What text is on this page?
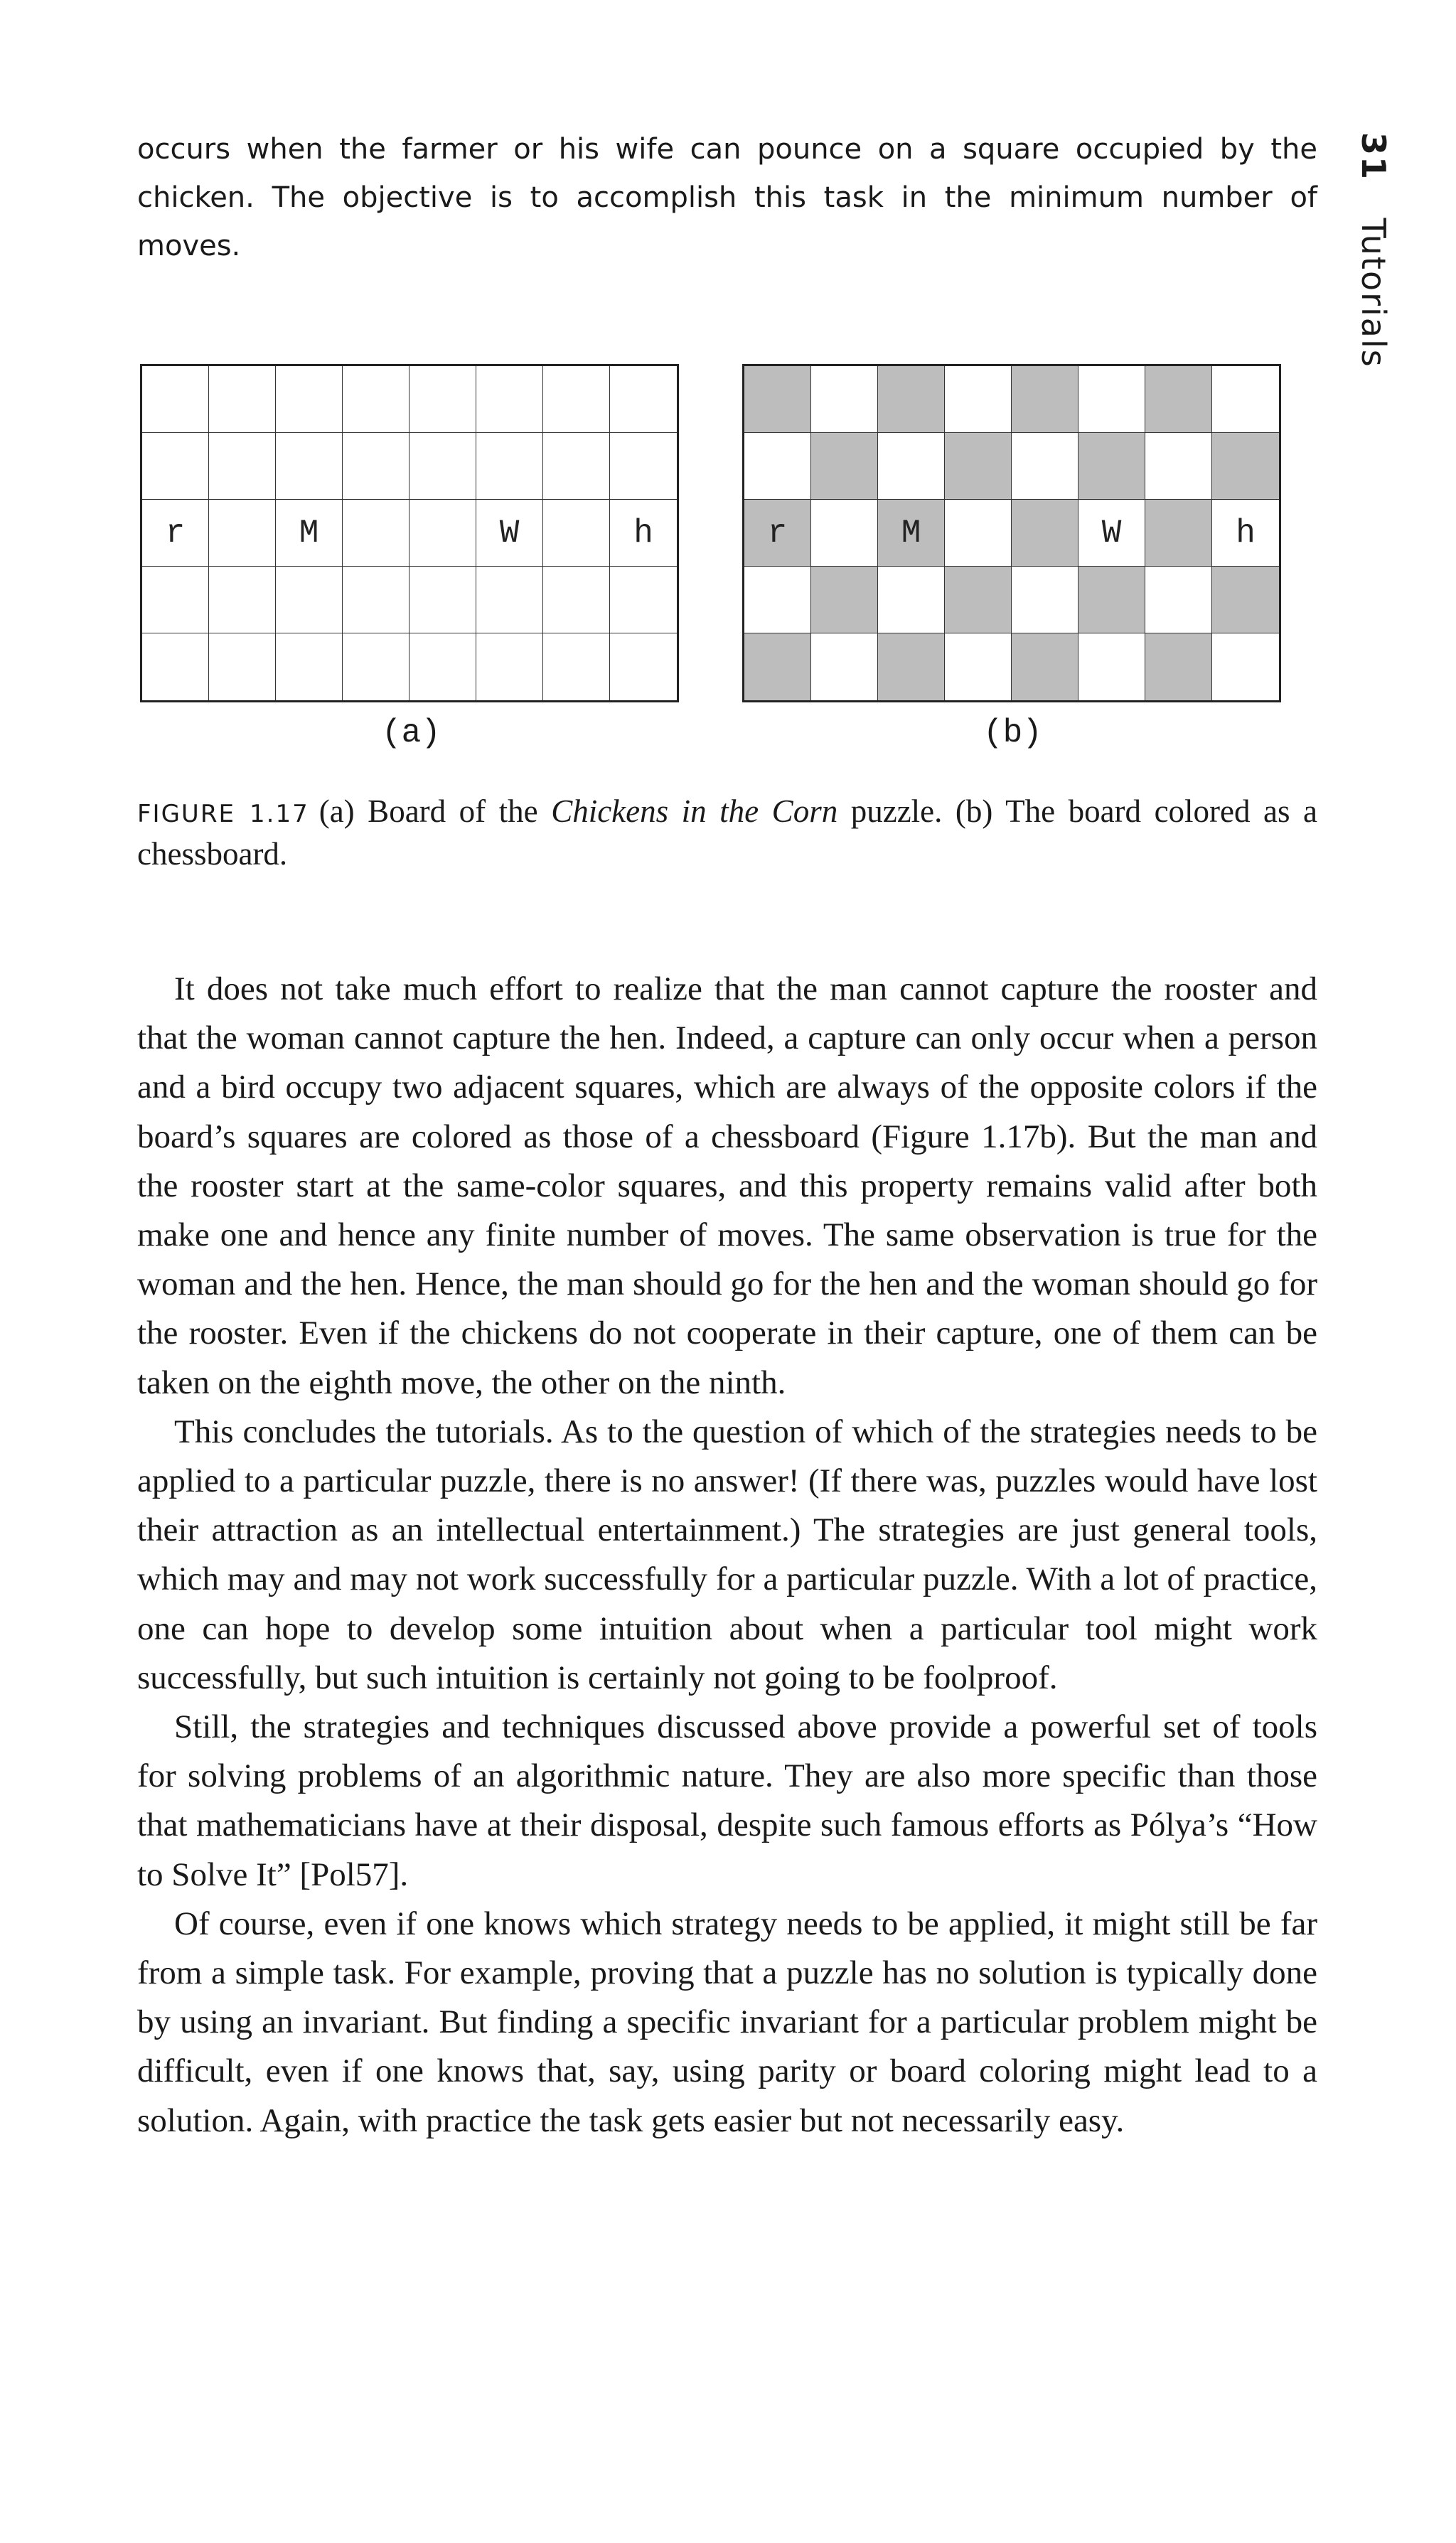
31 Tutorials

occurs when the farmer or his wife can pounce on a square occupied by the chicken. The objective is to accomplish this task in the minimum number of moves.

r	M	W	h	r	M	W	h
(a)	(b)

FIGURE 1.17 (a) Board of the Chickens in the Corn puzzle. (b) The board colored as a chessboard.

It does not take much effort to realize that the man cannot capture the rooster and that the woman cannot capture the hen. Indeed, a capture can only occur when a person and a bird occupy two adjacent squares, which are always of the opposite colors if the board’s squares are colored as those of a chessboard (Figure 1.17b). But the man and the rooster start at the same-color squares, and this property remains valid after both make one and hence any finite number of moves. The same observation is true for the woman and the hen. Hence, the man should go for the hen and the woman should go for the rooster. Even if the chickens do not cooperate in their capture, one of them can be taken on the eighth move, the other on the ninth.

This concludes the tutorials. As to the question of which of the strategies needs to be applied to a particular puzzle, there is no answer! (If there was, puzzles would have lost their attraction as an intellectual entertainment.) The strategies are just general tools, which may and may not work successfully for a particular puzzle. With a lot of practice, one can hope to develop some intuition about when a particular tool might work successfully, but such intuition is certainly not going to be foolproof.

Still, the strategies and techniques discussed above provide a powerful set of tools for solving problems of an algorithmic nature. They are also more specific than those that mathematicians have at their disposal, despite such famous efforts as Pólya’s “How to Solve It” [Pol57].

Of course, even if one knows which strategy needs to be applied, it might still be far from a simple task. For example, proving that a puzzle has no solution is typically done by using an invariant. But finding a specific invariant for a particular problem might be difficult, even if one knows that, say, using parity or board coloring might lead to a solution. Again, with practice the task gets easier but not necessarily easy.
